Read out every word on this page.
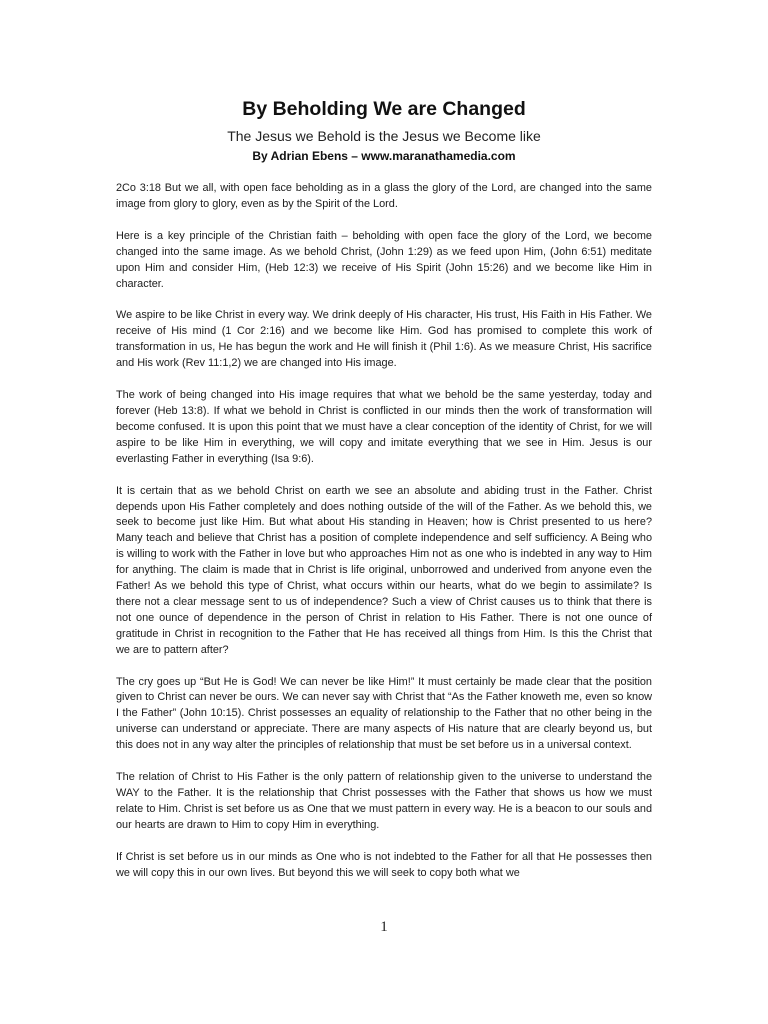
By Beholding We are Changed
The Jesus we Behold is the Jesus we Become like
By Adrian Ebens – www.maranathamedia.com

2Co 3:18 But we all, with open face beholding as in a glass the glory of the Lord, are changed into the same image from glory to glory, even as by the Spirit of the Lord.

Here is a key principle of the Christian faith – beholding with open face the glory of the Lord, we become changed into the same image. As we behold Christ, (John 1:29) as we feed upon Him, (John 6:51) meditate upon Him and consider Him, (Heb 12:3) we receive of His Spirit (John 15:26) and we become like Him in character.

We aspire to be like Christ in every way. We drink deeply of His character, His trust, His Faith in His Father. We receive of His mind (1 Cor 2:16) and we become like Him. God has promised to complete this work of transformation in us, He has begun the work and He will finish it (Phil 1:6). As we measure Christ, His sacrifice and His work (Rev 11:1,2) we are changed into His image.

The work of being changed into His image requires that what we behold be the same yesterday, today and forever (Heb 13:8). If what we behold in Christ is conflicted in our minds then the work of transformation will become confused. It is upon this point that we must have a clear conception of the identity of Christ, for we will aspire to be like Him in everything, we will copy and imitate everything that we see in Him. Jesus is our everlasting Father in everything (Isa 9:6).

It is certain that as we behold Christ on earth we see an absolute and abiding trust in the Father. Christ depends upon His Father completely and does nothing outside of the will of the Father. As we behold this, we seek to become just like Him. But what about His standing in Heaven; how is Christ presented to us here? Many teach and believe that Christ has a position of complete independence and self sufficiency. A Being who is willing to work with the Father in love but who approaches Him not as one who is indebted in any way to Him for anything. The claim is made that in Christ is life original, unborrowed and underived from anyone even the Father! As we behold this type of Christ, what occurs within our hearts, what do we begin to assimilate? Is there not a clear message sent to us of independence? Such a view of Christ causes us to think that there is not one ounce of dependence in the person of Christ in relation to His Father. There is not one ounce of gratitude in Christ in recognition to the Father that He has received all things from Him. Is this the Christ that we are to pattern after?

The cry goes up “But He is God! We can never be like Him!” It must certainly be made clear that the position given to Christ can never be ours. We can never say with Christ that “As the Father knoweth me, even so know I the Father” (John 10:15). Christ possesses an equality of relationship to the Father that no other being in the universe can understand or appreciate. There are many aspects of His nature that are clearly beyond us, but this does not in any way alter the principles of relationship that must be set before us in a universal context.

The relation of Christ to His Father is the only pattern of relationship given to the universe to understand the WAY to the Father. It is the relationship that Christ possesses with the Father that shows us how we must relate to Him. Christ is set before us as One that we must pattern in every way. He is a beacon to our souls and our hearts are drawn to Him to copy Him in everything.

If Christ is set before us in our minds as One who is not indebted to the Father for all that He possesses then we will copy this in our own lives. But beyond this we will seek to copy both what we

1
